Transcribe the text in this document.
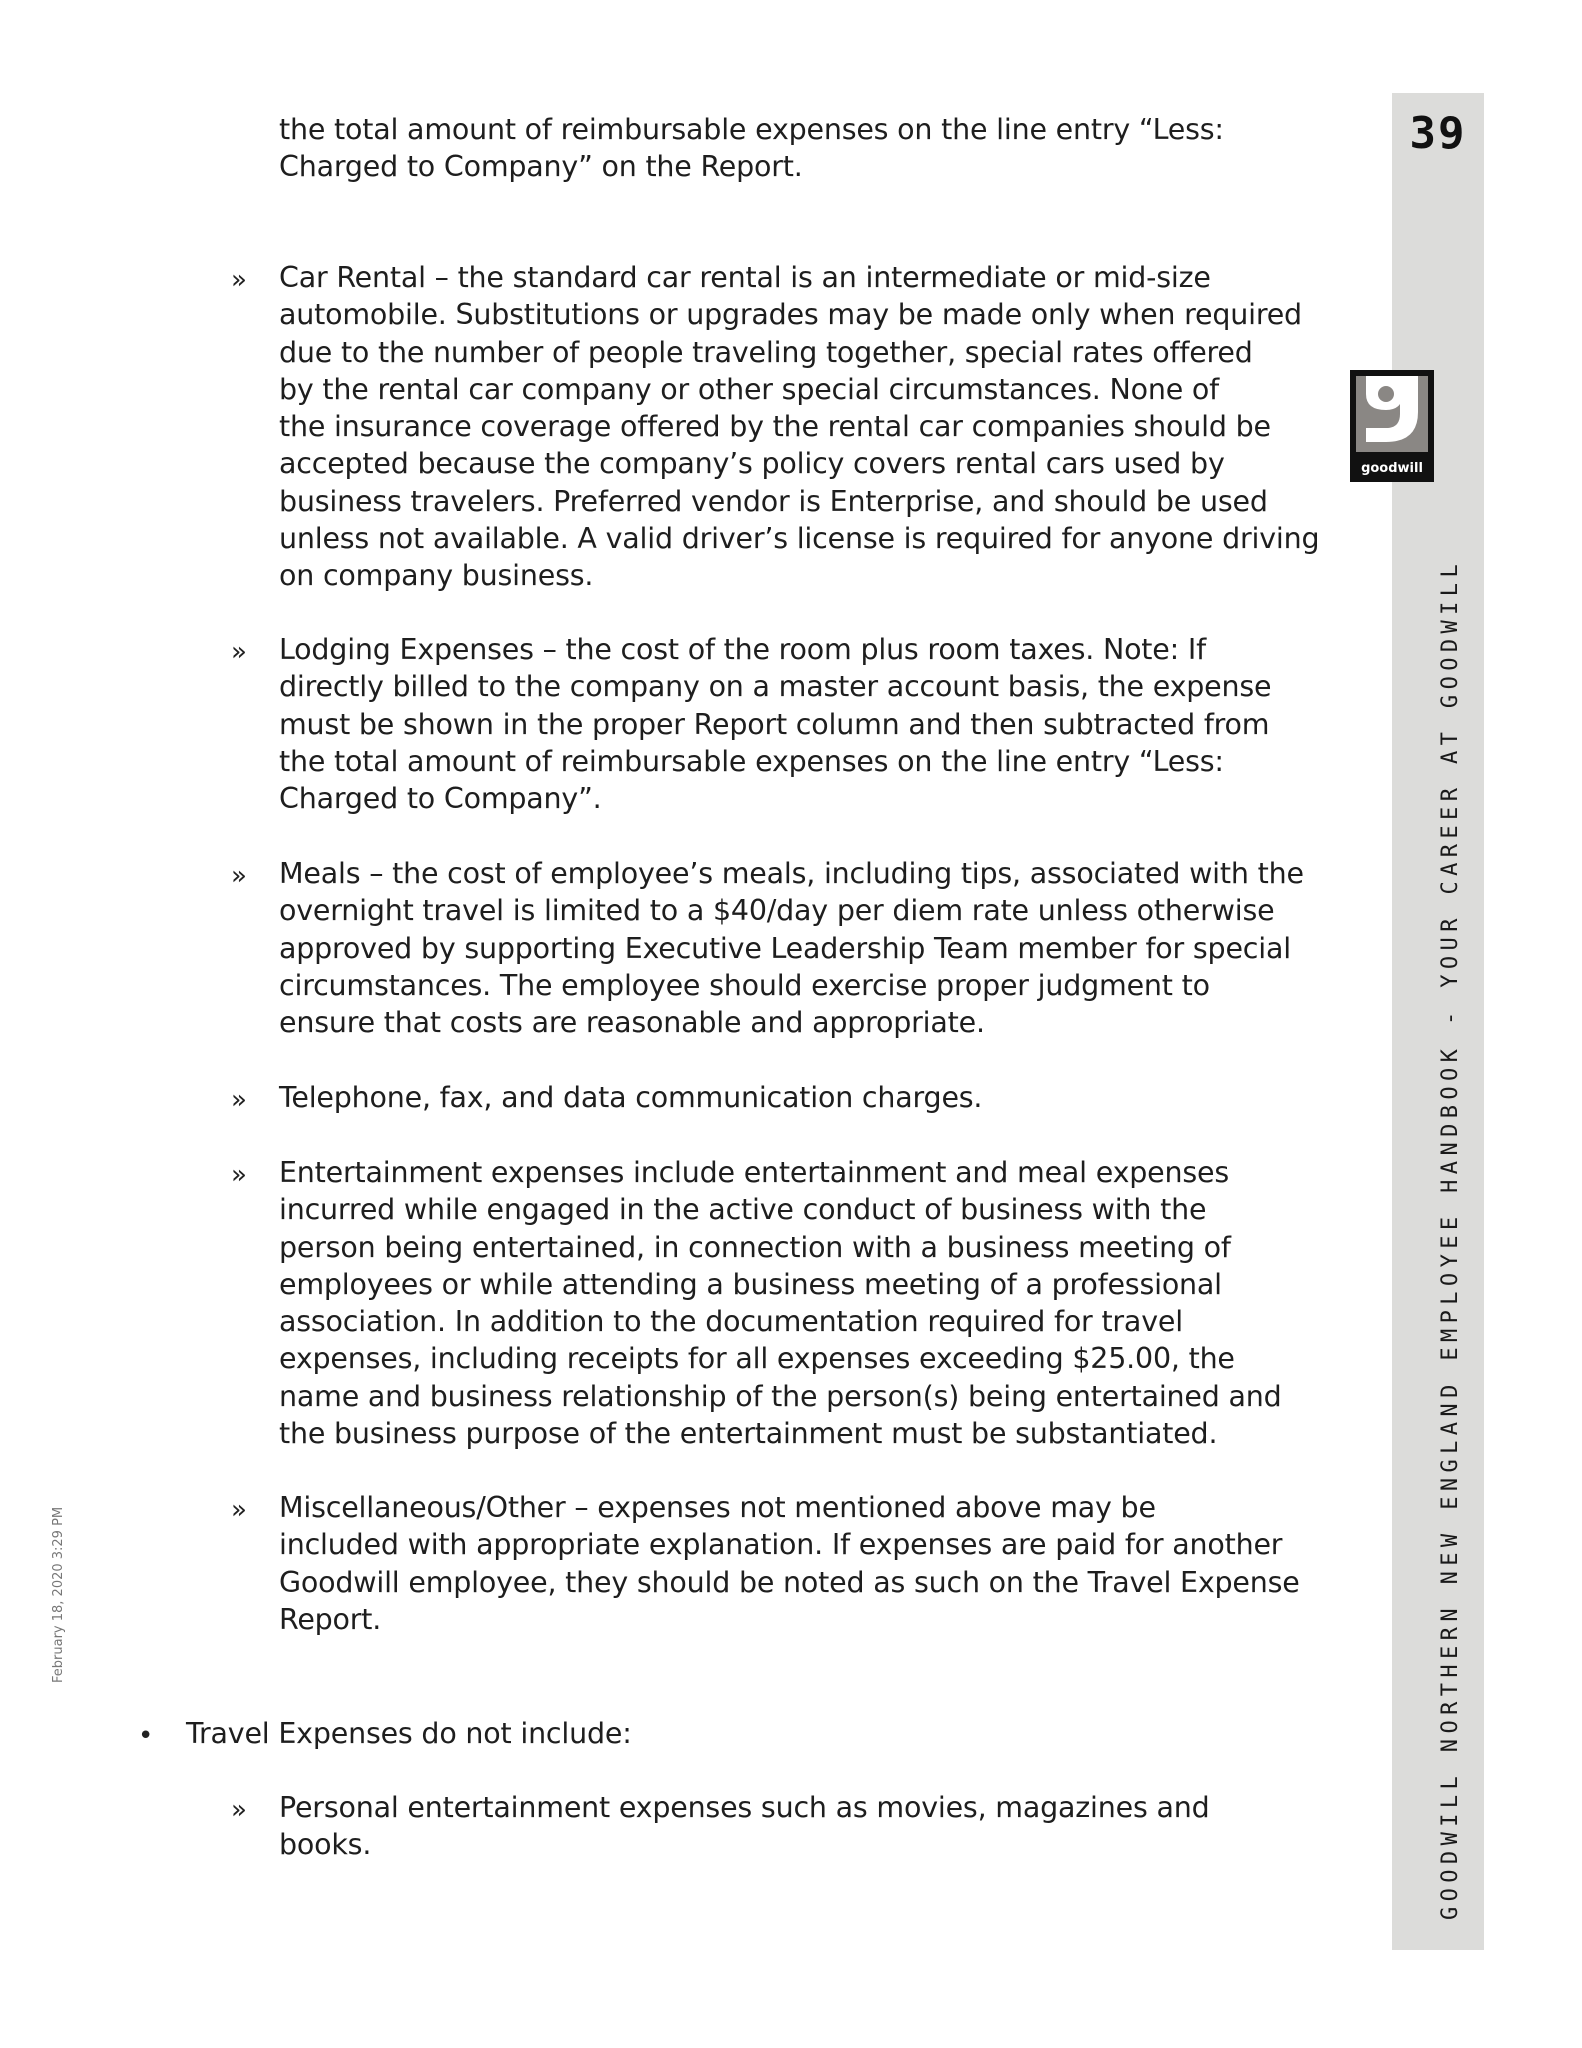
the total amount of reimbursable expenses on the line entry “Less:
Charged to Company” on the Report.

» Car Rental – the standard car rental is an intermediate or mid-size
automobile. Substitutions or upgrades may be made only when required
due to the number of people traveling together, special rates offered
by the rental car company or other special circumstances. None of
the insurance coverage offered by the rental car companies should be
accepted because the company’s policy covers rental cars used by
business travelers. Preferred vendor is Enterprise, and should be used
unless not available. A valid driver’s license is required for anyone driving
on company business.

» Lodging Expenses – the cost of the room plus room taxes. Note: If
directly billed to the company on a master account basis, the expense
must be shown in the proper Report column and then subtracted from
the total amount of reimbursable expenses on the line entry “Less:
Charged to Company”.

» Meals – the cost of employee’s meals, including tips, associated with the
overnight travel is limited to a $40/day per diem rate unless otherwise
approved by supporting Executive Leadership Team member for special
circumstances. The employee should exercise proper judgment to
ensure that costs are reasonable and appropriate.

» Telephone, fax, and data communication charges.

» Entertainment expenses include entertainment and meal expenses
incurred while engaged in the active conduct of business with the
person being entertained, in connection with a business meeting of
employees or while attending a business meeting of a professional
association. In addition to the documentation required for travel
expenses, including receipts for all expenses exceeding $25.00, the
name and business relationship of the person(s) being entertained and
the business purpose of the entertainment must be substantiated.

» Miscellaneous/Other – expenses not mentioned above may be
included with appropriate explanation. If expenses are paid for another
Goodwill employee, they should be noted as such on the Travel Expense
Report.

• Travel Expenses do not include:

» Personal entertainment expenses such as movies, magazines and
books.

39
goodwill
GOODWILL NORTHERN NEW ENGLAND EMPLOYEE HANDBOOK - YOUR CAREER AT GOODWILL
February 18, 2020 3:29 PM
